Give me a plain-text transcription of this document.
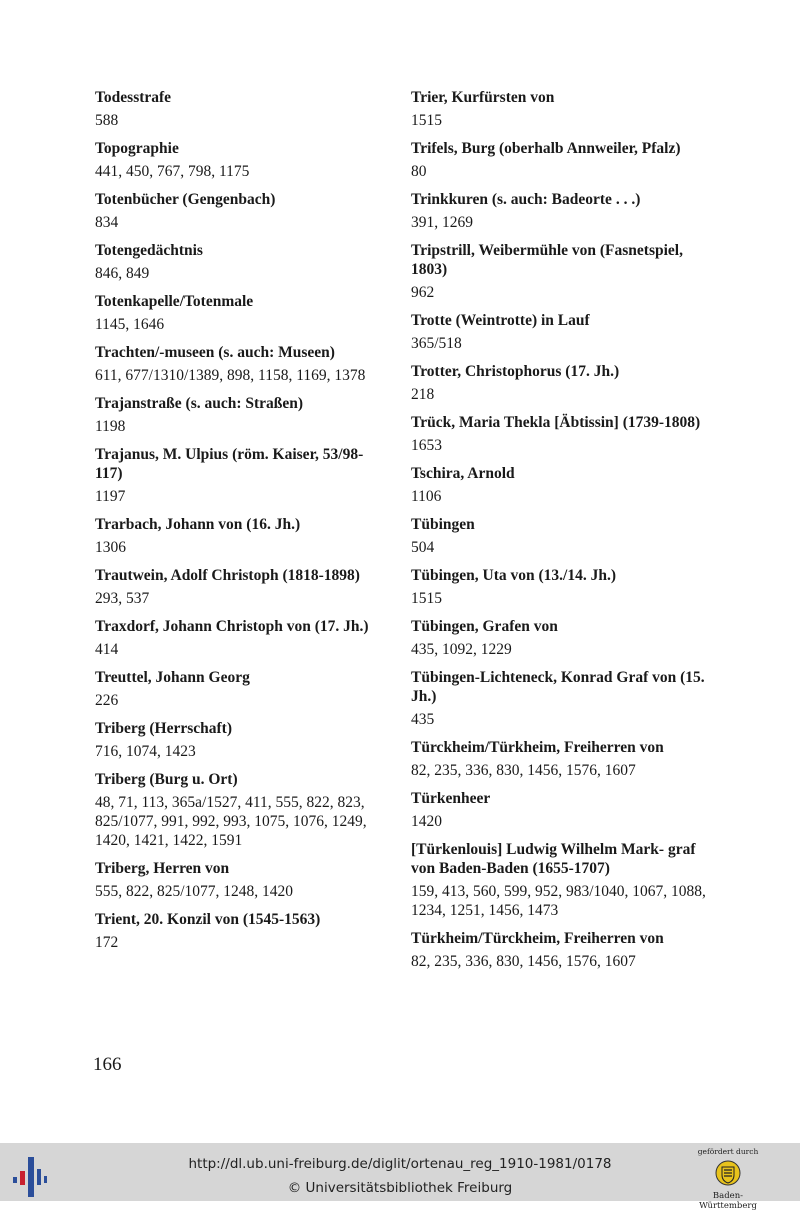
Todesstrafe
588
Topographie
441, 450, 767, 798, 1175
Totenbücher (Gengenbach)
834
Totengedächtnis
846, 849
Totenkapelle/Totenmale
1145, 1646
Trachten/-museen (s. auch: Museen)
611, 677/1310/1389, 898, 1158, 1169, 1378
Trajanstraße (s. auch: Straßen)
1198
Trajanus, M. Ulpius (röm. Kaiser, 53/98-117)
1197
Trarbach, Johann von (16. Jh.)
1306
Trautwein, Adolf Christoph (1818-1898)
293, 537
Traxdorf, Johann Christoph von (17. Jh.)
414
Treuttel, Johann Georg
226
Triberg (Herrschaft)
716, 1074, 1423
Triberg (Burg u. Ort)
48, 71, 113, 365a/1527, 411, 555, 822, 823, 825/1077, 991, 992, 993, 1075, 1076, 1249, 1420, 1421, 1422, 1591
Triberg, Herren von
555, 822, 825/1077, 1248, 1420
Trient, 20. Konzil von (1545-1563)
172
Trier, Kurfürsten von
1515
Trifels, Burg (oberhalb Annweiler, Pfalz)
80
Trinkkuren (s. auch: Badeorte . . .)
391, 1269
Tripstrill, Weibermühle von (Fasnetspiel, 1803)
962
Trotte (Weintrotte) in Lauf
365/518
Trotter, Christophorus (17. Jh.)
218
Trück, Maria Thekla [Äbtissin] (1739-1808)
1653
Tschira, Arnold
1106
Tübingen
504
Tübingen, Uta von (13./14. Jh.)
1515
Tübingen, Grafen von
435, 1092, 1229
Tübingen-Lichteneck, Konrad Graf von (15. Jh.)
435
Türckheim/Türkheim, Freiherren von
82, 235, 336, 830, 1456, 1576, 1607
Türkenheer
1420
[Türkenlouis] Ludwig Wilhelm Mark- graf von Baden-Baden (1655-1707)
159, 413, 560, 599, 952, 983/1040, 1067, 1088, 1234, 1251, 1456, 1473
Türkheim/Türckheim, Freiherren von
82, 235, 336, 830, 1456, 1576, 1607
166
http://dl.ub.uni-freiburg.de/diglit/ortenau_reg_1910-1981/0178
© Universitätsbibliothek Freiburg
gefördert durch
Baden-Württemberg
